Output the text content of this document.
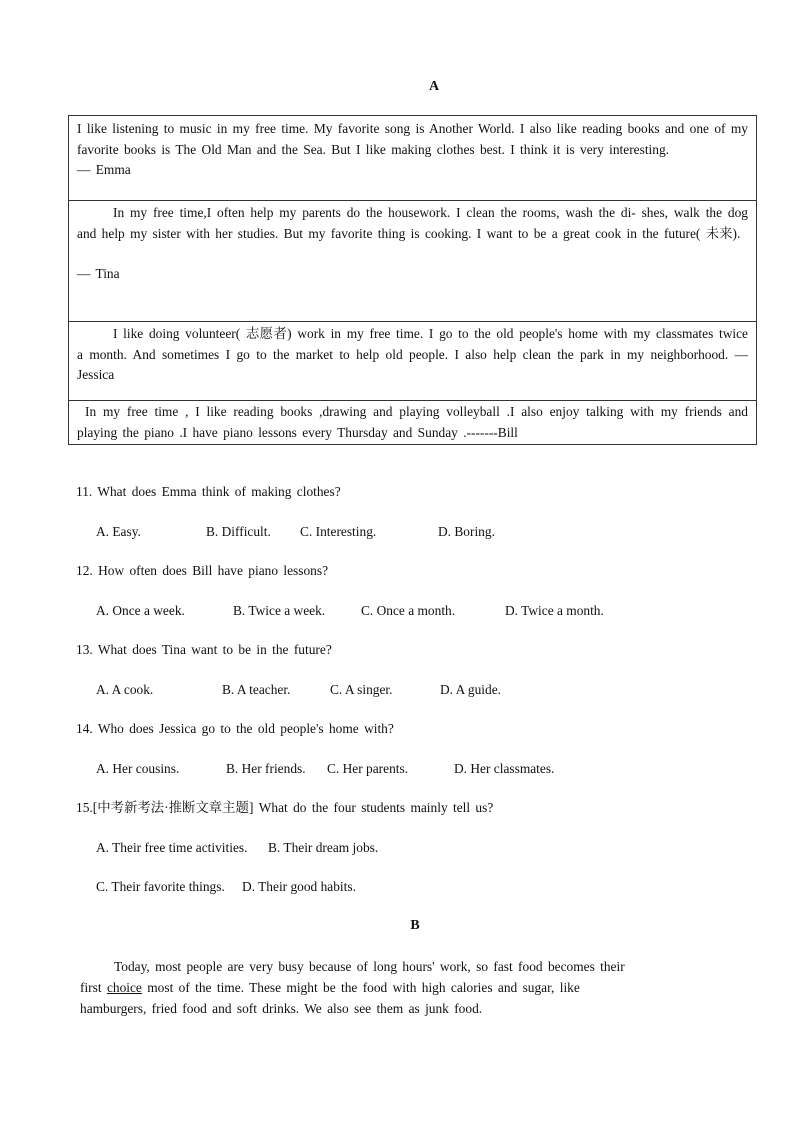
A
I like listening to music in my free time. My favorite song is Another World. I also like reading books and one of my favorite books is The Old Man and the Sea. But I like making clothes best. I think it is very interesting.
— Emma
In my free time,I often help my parents do the housework. I clean the rooms, wash the di- shes, walk the dog and help my sister with her studies. But my favorite thing is cooking. I want to be a great cook in the future( 未来).
— Tina
I like doing volunteer( 志愿者) work in my free time. I go to the old people's home with my classmates twice a month. And sometimes I go to the market to help old people. I also help clean the park in my neighborhood. — Jessica
In my free time , I like reading books ,drawing and playing volleyball .I also enjoy talking with my friends and playing the piano .I have piano lessons every Thursday and Sunday .-------Bill
11. What does Emma think of making clothes?
A. Easy.	B. Difficult. C. Interesting.	D. Boring.
12. How often does Bill have piano lessons?
A. Once a week.	B. Twice a week.	C. Once a month.	D. Twice a month.
13. What does Tina want to be in the future?
A. A cook.	B. A teacher.	C. A singer.	D. A guide.
14. Who does Jessica go to the old people's home with?
A. Her cousins.	B. Her friends. C. Her parents.	D. Her classmates.
15.[中考新考法·推断文章主题] What do the four students mainly tell us?
A. Their free time activities. B. Their dream jobs.
C. Their favorite things. D. Their good habits.
B
Today, most people are very busy because of long hours' work, so fast food becomes their
first choice most of the time. These might be the food with high calories and sugar, like
hamburgers, fried food and soft drinks. We also see them as junk food.
